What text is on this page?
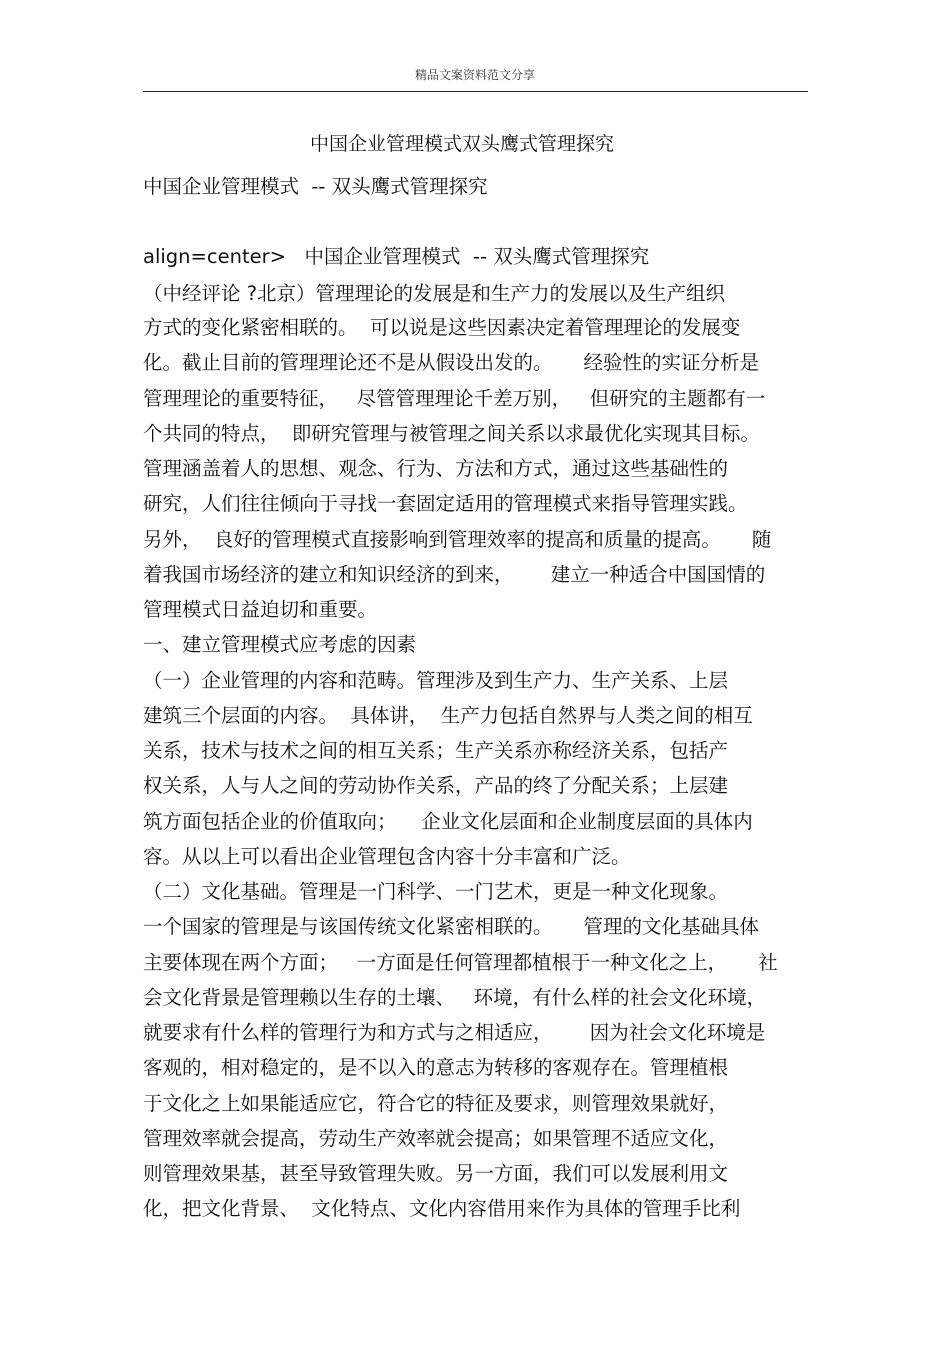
精品文案资料范文分享
中国企业管理模式双头鹰式管理探究
中国企业管理模式  -- 双头鹰式管理探究
align=center>   中国企业管理模式  -- 双头鹰式管理探究
（中经评论 ?北京）管理理论的发展是和生产力的发展以及生产组织
方式的变化紧密相联的。  可以说是这些因素决定着管理理论的发展变
化。截止目前的管理理论还不是从假设出发的。     经验性的实证分析是
管理理论的重要特征，   尽管管理理论千差万别，   但研究的主题都有一
个共同的特点，  即研究管理与被管理之间关系以求最优化实现其目标。
管理涵盖着人的思想、观念、行为、方法和方式，通过这些基础性的
研究，人们往往倾向于寻找一套固定适用的管理模式来指导管理实践。
另外，  良好的管理模式直接影响到管理效率的提高和质量的提高。     随
着我国市场经济的建立和知识经济的到来，      建立一种适合中国国情的
管理模式日益迫切和重要。
一、建立管理模式应考虑的因素
（一）企业管理的内容和范畴。管理涉及到生产力、生产关系、上层
建筑三个层面的内容。  具体讲，  生产力包括自然界与人类之间的相互
关系，技术与技术之间的相互关系；生产关系亦称经济关系，包括产
权关系，人与人之间的劳动协作关系，产品的终了分配关系；上层建
筑方面包括企业的价值取向；    企业文化层面和企业制度层面的具体内
容。从以上可以看出企业管理包含内容十分丰富和广泛。
（二）文化基础。管理是一门科学、一门艺术，更是一种文化现象。
一个国家的管理是与该国传统文化紧密相联的。     管理的文化基础具体
主要体现在两个方面；   一方面是任何管理都植根于一种文化之上，     社
会文化背景是管理赖以生存的土壤、   环境，有什么样的社会文化环境，
就要求有什么样的管理行为和方式与之相适应，      因为社会文化环境是
客观的，相对稳定的，是不以入的意志为转移的客观存在。管理植根
于文化之上如果能适应它，符合它的特征及要求，则管理效果就好，
管理效率就会提高，劳动生产效率就会提高；如果管理不适应文化，
则管理效果基，甚至导致管理失败。另一方面，我们可以发展利用文
化，把文化背景、  文化特点、文化内容借用来作为具体的管理手比利
